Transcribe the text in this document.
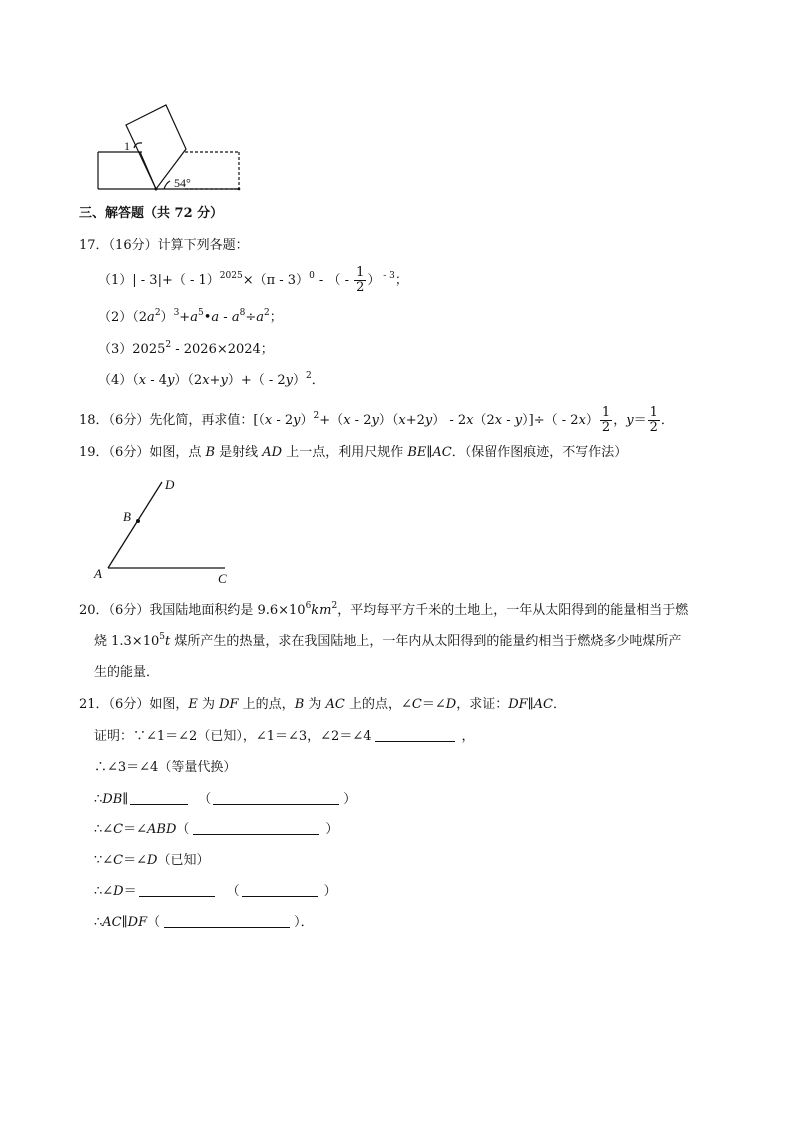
1
54°
三、解答题（共 72 分）
17．（16分）计算下列各题：
（1）| - 3|+（ - 1）$^{2025}$×（π - 3）$^0$ - （ - $\frac{1}{2}$ ） $^{- 3}$；
$(2)(2a^2)^3+a^5•a - a^8\div a^2$；
（3）2025$^2$ - 2026×2024；
（4）（x - 4y）（2x+y）+（ - 2y）$^2$．
18．（6分）先化简，再求值：$[(x - 2y)^2+(x - 2y)(x+2y) - 2x(2x - y)]\div( - 2x) \frac{1}{2}$ ，$y= \frac{1}{2}$ ．
19．（6分）如图，点 B 是射线 AD 上一点，利用尺规作 BE∥AC．（保留作图痕迹，不写作法）
D
B
A	C
20．（6分）我国陆地面积约是 $9.6\times 10^6km^2$，平均每平方千米的土地上，一年从太阳得到的能量相当于燃
烧 $1.3\times 10^5t$ 煤所产生的热量，求在我国陆地上，一年内从太阳得到的能量约相当于燃烧多少吨煤所产
生的能量．
21．（6分）如图，E 为 DF 上的点，B 为 AC 上的点，∠C＝∠D，求证：DF∥AC．
证明：∵∠1＝∠2（已知），∠1＝∠3，∠2＝∠4	，
∴∠3＝∠4（等量代换）
∴DB∥	（	）
∴∠C＝∠ABD（	）
∵∠C＝∠D（已知）
∴∠D＝	（	）
∴AC∥DF（	）．
